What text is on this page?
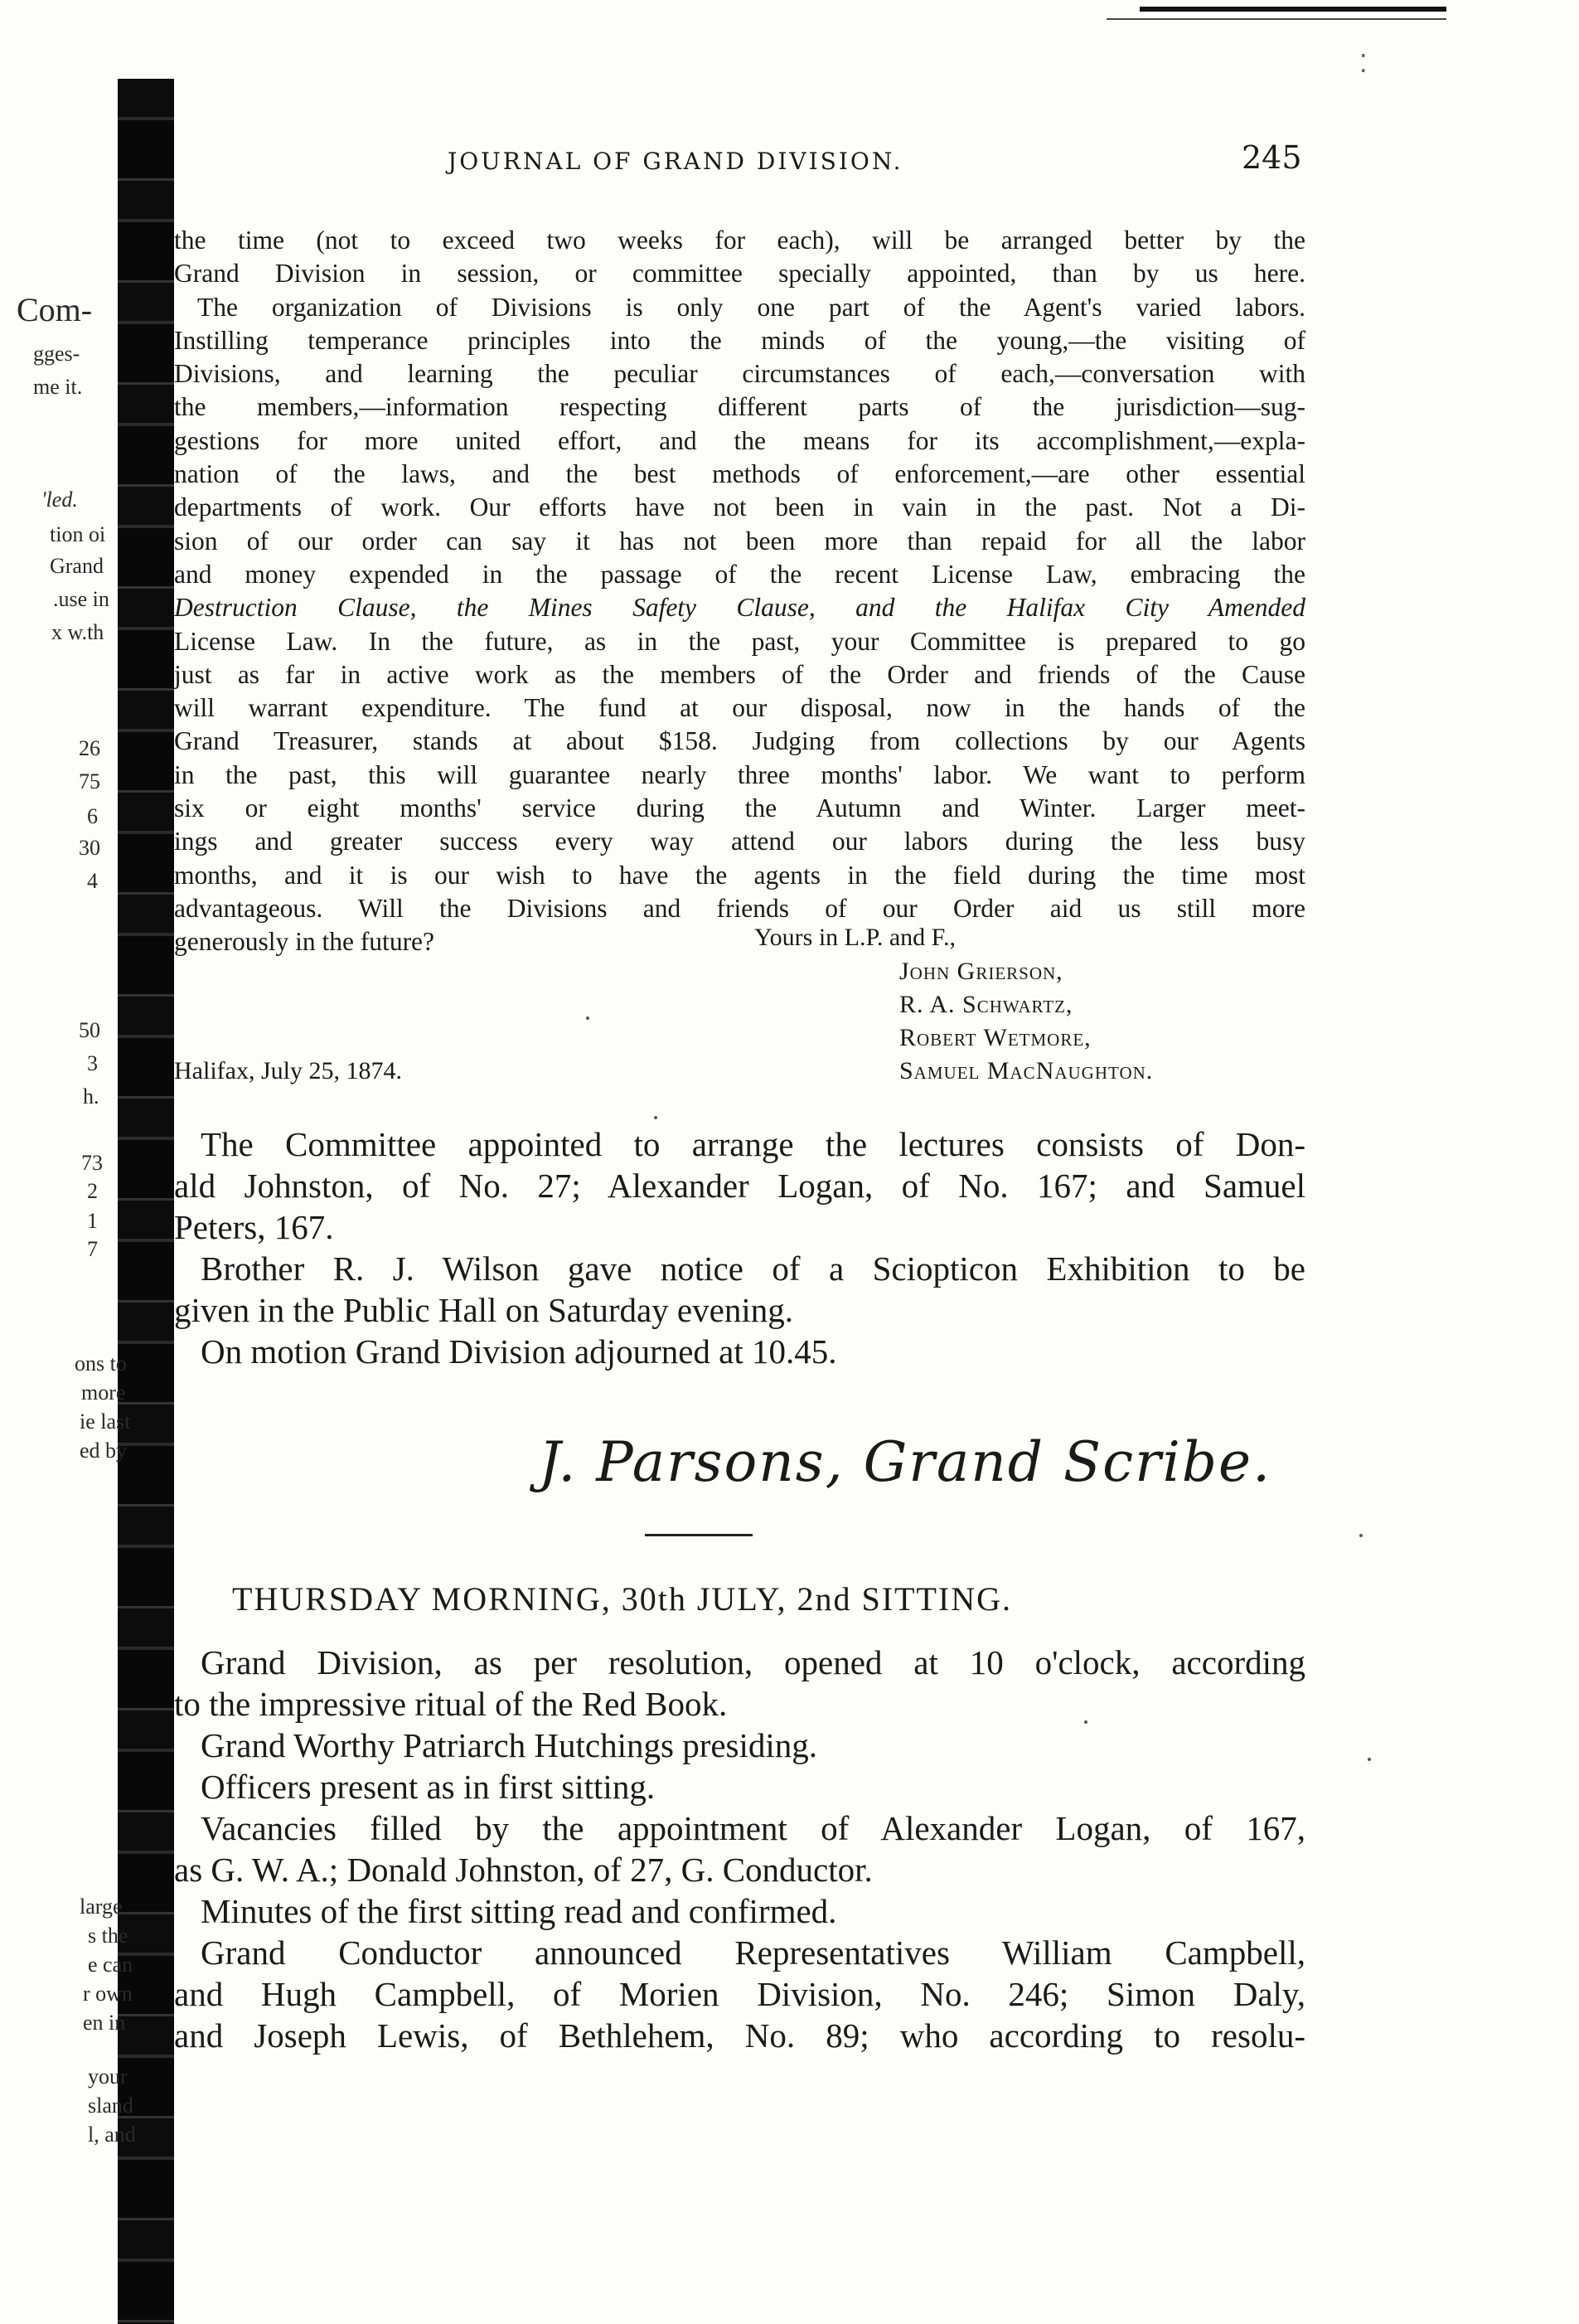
⁚
Com-
gges-
me it.
'led.
tion oi
Grand
.use in
x w.th
26
75
6
30
4
50
3
h.
73
2
1
7
ons to
more
ie last
ed by
large
s the
e can
r own
en in
your
sland
l, and
JOURNAL OF GRAND DIVISION.	245
the time (not to exceed two weeks for each), will be arranged better by the
Grand Division in session, or committee specially appointed, than by us here.
The organization of Divisions is only one part of the Agent's varied labors.
Instilling temperance principles into the minds of the young,—the visiting of
Divisions, and learning the peculiar circumstances of each,—conversation with
the members,—information respecting different parts of the jurisdiction—sug-
gestions for more united effort, and the means for its accomplishment,—expla-
nation of the laws, and the best methods of enforcement,—are other essential
departments of work. Our efforts have not been in vain in the past. Not a Di-
sion of our order can say it has not been more than repaid for all the labor
and money expended in the passage of the recent License Law, embracing the
Destruction Clause, the Mines Safety Clause, and the Halifax City Amended
License Law. In the future, as in the past, your Committee is prepared to go
just as far in active work as the members of the Order and friends of the Cause
will warrant expenditure. The fund at our disposal, now in the hands of the
Grand Treasurer, stands at about $158. Judging from collections by our Agents
in the past, this will guarantee nearly three months' labor. We want to perform
six or eight months' service during the Autumn and Winter. Larger meet-
ings and greater success every way attend our labors during the less busy
months, and it is our wish to have the agents in the field during the time most
advantageous. Will the Divisions and friends of our Order aid us still more
generously in the future?	Yours in L.P. and F.,
John Grierson,
R. A. Schwartz,
Robert Wetmore,
Halifax, July 25, 1874.	Samuel MacNaughton.
The Committee appointed to arrange the lectures consists of Don-
ald Johnston, of No. 27; Alexander Logan, of No. 167; and Samuel
Peters, 167.
Brother R. J. Wilson gave notice of a Sciopticon Exhibition to be
given in the Public Hall on Saturday evening.
On motion Grand Division adjourned at 10.45.
J. Parsons, Grand Scribe.
THURSDAY MORNING, 30th JULY, 2nd SITTING.
Grand Division, as per resolution, opened at 10 o'clock, according
to the impressive ritual of the Red Book.
Grand Worthy Patriarch Hutchings presiding.
Officers present as in first sitting.
Vacancies filled by the appointment of Alexander Logan, of 167,
as G. W. A.; Donald Johnston, of 27, G. Conductor.
Minutes of the first sitting read and confirmed.
Grand Conductor announced Representatives William Campbell,
and Hugh Campbell, of Morien Division, No. 246; Simon Daly,
and Joseph Lewis, of Bethlehem, No. 89; who according to resolu-
